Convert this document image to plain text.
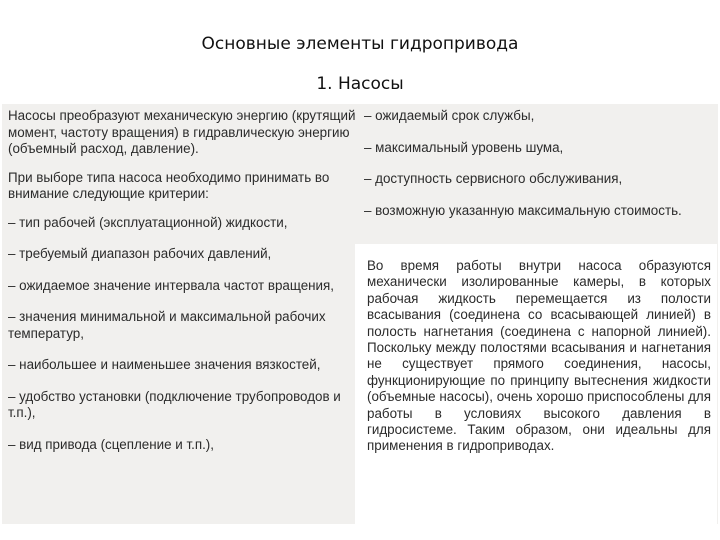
Основные элементы гидропривода
1. Насосы

Насосы преобразуют механическую энергию (крутящий момент, частоту вращения) в гидравлическую энергию (объемный расход, давление).

При выборе типа насоса необходимо принимать во внимание следующие критерии:

– тип рабочей (эксплуатационной) жидкости,

– требуемый диапазон рабочих давлений,

– ожидаемое значение интервала частот вращения,

– значения минимальной и максимальной рабочих температур,

– наибольшее и наименьшее значения вязкостей,

– удобство установки (подключение трубопроводов и т.п.),

– вид привода (сцепление и т.п.),

– ожидаемый срок службы,

– максимальный уровень шума,

– доступность сервисного обслуживания,

– возможную указанную максимальную стоимость.

Во время работы внутри насоса образуются механически изолированные камеры, в которых рабочая жидкость перемещается из полости всасывания (соединена со всасывающей линией) в полость нагнетания (соединена с напорной линией). Поскольку между полостями всасывания и нагнетания не существует прямого соединения, насосы, функционирующие по принципу вытеснения жидкости (объемные насосы), очень хорошо приспособлены для работы в условиях высокого давления в гидросистеме. Таким образом, они идеальны для применения в гидроприводах.
